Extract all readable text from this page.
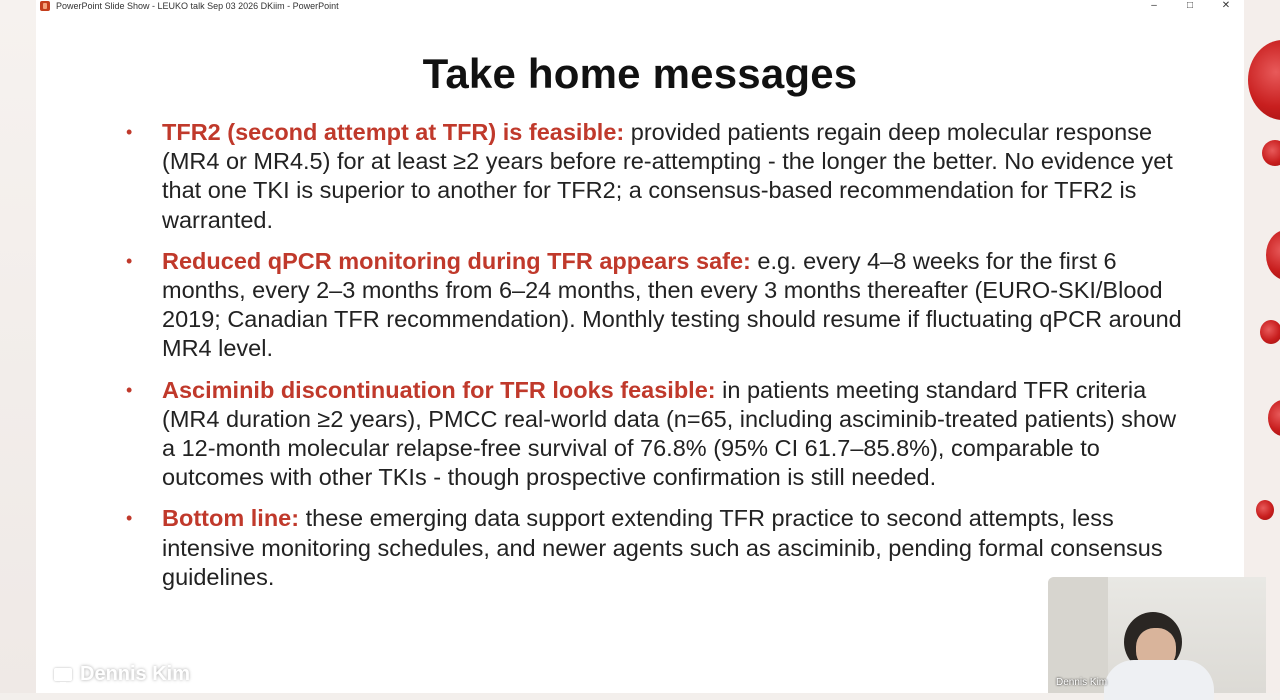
PowerPoint Slide Show - LEUKO talk Sep 03 2026 DKiim - PowerPoint	–	□	✕
Take home messages
• TFR2 (second attempt at TFR) is feasible: provided patients regain deep molecular response (MR4 or MR4.5) for at least ≥2 years before re-attempting - the longer the better. No evidence yet that one TKI is superior to another for TFR2; a consensus-based recommendation for TFR2 is warranted.
• Reduced qPCR monitoring during TFR appears safe: e.g. every 4–8 weeks for the first 6 months, every 2–3 months from 6–24 months, then every 3 months thereafter (EURO-SKI/Blood 2019; Canadian TFR recommendation). Monthly testing should resume if fluctuating qPCR around MR4 level.
• Asciminib discontinuation for TFR looks feasible: in patients meeting standard TFR criteria (MR4 duration ≥2 years), PMCC real-world data (n=65, including asciminib-treated patients) show a 12-month molecular relapse-free survival of 76.8% (95% CI 61.7–85.8%), comparable to outcomes with other TKIs - though prospective confirmation is still needed.
• Bottom line: these emerging data support extending TFR practice to second attempts, less intensive monitoring schedules, and newer agents such as asciminib, pending formal consensus guidelines.
Dennis Kim	Dennis Kim
